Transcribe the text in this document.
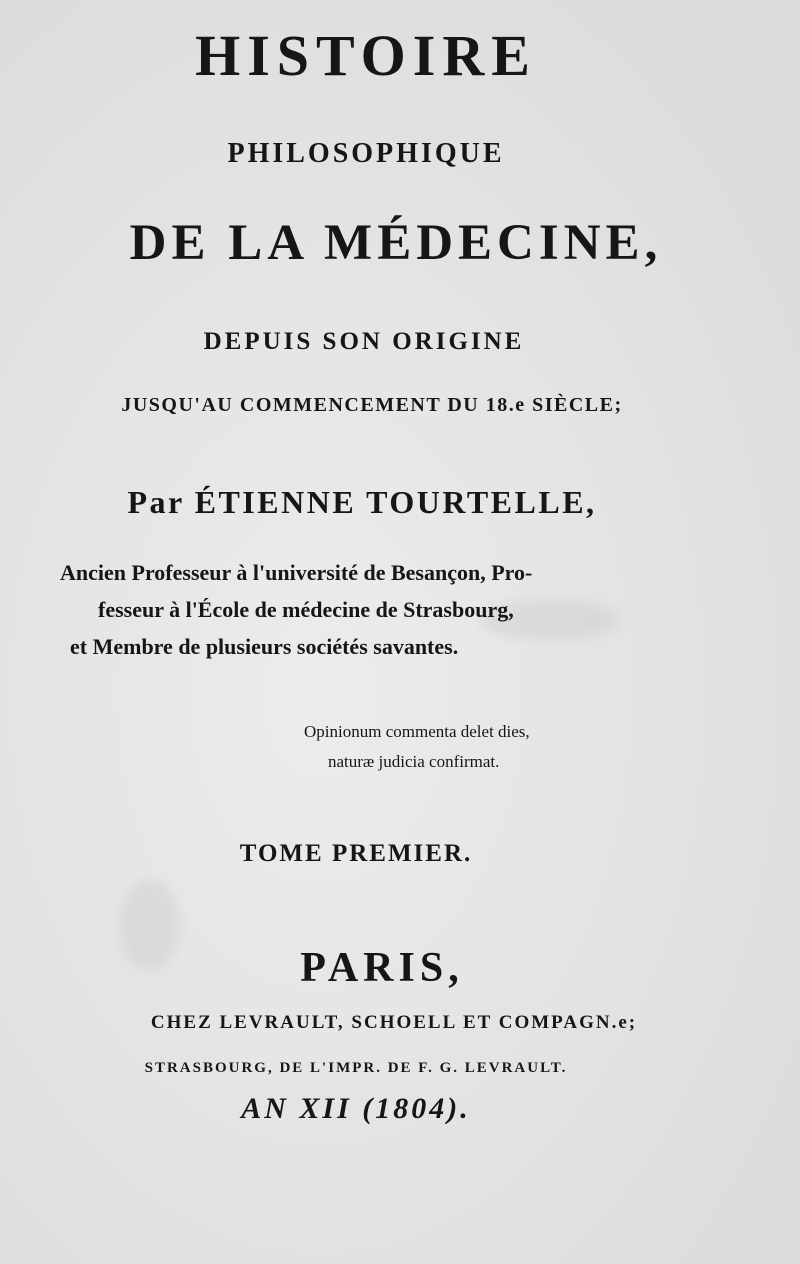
HISTOIRE
PHILOSOPHIQUE
DE LA MÉDECINE,
DEPUIS SON ORIGINE
JUSQU'AU COMMENCEMENT DU 18.e SIÈCLE;
Par ÉTIENNE TOURTELLE,
Ancien Professeur à l'université de Besançon, Pro-
fesseur à l'École de médecine de Strasbourg,
et Membre de plusieurs sociétés savantes.
Opinionum commenta delet dies,
naturæ judicia confirmat.
TOME PREMIER.
PARIS,
CHEZ LEVRAULT, SCHOELL ET COMPAGN.e;
STRASBOURG, DE L'IMPR. DE F. G. LEVRAULT.
AN XII (1804).
